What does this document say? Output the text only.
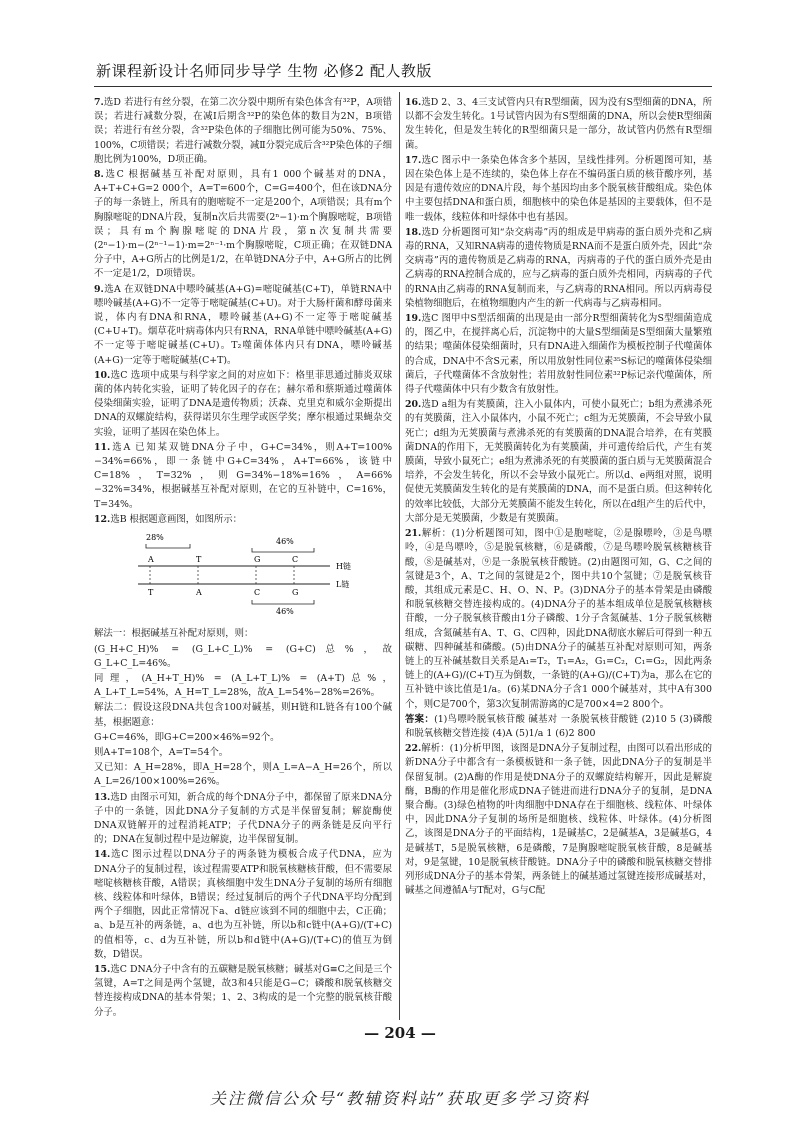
新课程新设计名师同步导学 生物 必修2 配人教版
7.选D 若进行有丝分裂，在第二次分裂中期所有染色体含有³²P，A项错误；若进行减数分裂，在减Ⅰ后期含³²P的染色体的数目为2N，B项错误；若进行有丝分裂，含³²P染色体的子细胞比例可能为50%、75%、100%，C项错误；若进行减数分裂，减Ⅱ分裂完成后含³²P染色体的子细胞比例为100%，D项正确。
8.选C 根据碱基互补配对原则，具有1 000个碱基对的DNA，A+T+C+G=2 000个，A=T=600个，C=G=400个，但在该DNA分子的每一条链上，所具有的胞嘧啶不一定是200个，A项错误；具有m个胸腺嘧啶的DNA片段，复制n次后共需要(2ⁿ−1)·m个胸腺嘧啶，B项错误；具有m个胸腺嘧啶的DNA片段，第n次复制共需要(2ⁿ−1)·m−(2ⁿ⁻¹−1)·m=2ⁿ⁻¹·m个胸腺嘧啶，C项正确；在双链DNA分子中，A+G所占的比例是1/2，在单链DNA分子中，A+G所占的比例不一定是1/2，D项错误。
9.选A 在双链DNA中嘌呤碱基(A+G)=嘧啶碱基(C+T)，单链RNA中嘌呤碱基(A+G)不一定等于嘧啶碱基(C+U)。对于大肠杆菌和酵母菌来说，体内有DNA和RNA，嘌呤碱基(A+G)不一定等于嘧啶碱基(C+U+T)。烟草花叶病毒体内只有RNA，RNA单链中嘌呤碱基(A+G)不一定等于嘧啶碱基(C+U)。T₂噬菌体体内只有DNA，嘌呤碱基(A+G)一定等于嘧啶碱基(C+T)。
10.选C 选项中成果与科学家之间的对应如下：格里菲思通过肺炎双球菌的体内转化实验，证明了转化因子的存在；赫尔希和蔡斯通过噬菌体侵染细菌实验，证明了DNA是遗传物质；沃森、克里克和威尔金斯提出DNA的双螺旋结构，获得诺贝尔生理学或医学奖；摩尔根通过果蝇杂交实验，证明了基因在染色体上。
11.选A 已知某双链DNA分子中，G+C=34%，则A+T=100%−34%=66%，即一条链中G+C=34%，A+T=66%，该链中C=18%，T=32%，则G=34%−18%=16%，A=66%−32%=34%，根据碱基互补配对原则，在它的互补链中，C=16%，T=34%。
12.选B 根据题意画图，如图所示：
28%	46%
A	T	G	C
H链
L链
T	A	C	G
46%
解法一：根据碱基互补配对原则，则：
(G_H+C_H)% = (G_L+C_L)% = (G+C)总%，故G_L+C_L=46%。
同理，(A_H+T_H)% = (A_L+T_L)% = (A+T)总%，A_L+T_L=54%，A_H=T_L=28%，故A_L=54%−28%=26%。
解法二：假设这段DNA共包含100对碱基，则H链和L链各有100个碱基，根据题意：
G+C=46%，即G+C=200×46%=92个。
则A+T=108个，A=T=54个。
又已知：A_H=28%，即A_H=28个，则A_L=A−A_H=26个，所以A_L=26/100×100%=26%。
13.选D 由图示可知，新合成的每个DNA分子中，都保留了原来DNA分子中的一条链，因此DNA分子复制的方式是半保留复制；解旋酶使DNA双链解开的过程消耗ATP；子代DNA分子的两条链是反向平行的；DNA在复制过程中是边解旋，边半保留复制。
14.选C 图示过程以DNA分子的两条链为模板合成子代DNA，应为DNA分子的复制过程，该过程需要ATP和脱氧核糖核苷酸，但不需要尿嘧啶核糖核苷酸，A错误；真核细胞中发生DNA分子复制的场所有细胞核、线粒体和叶绿体，B错误；经过复制后的两个子代DNA平均分配到两个子细胞，因此正常情况下a、d链应该到不同的细胞中去，C正确；a、b是互补的两条链，a、d也为互补链，所以b和c链中(A+G)/(T+C)的值相等，c、d为互补链，所以b和d链中(A+G)/(T+C)的值互为倒数，D错误。
15.选C DNA分子中含有的五碳糖是脱氧核糖；碱基对G≡C之间是三个氢键，A=T之间是两个氢键，故3和4只能是G−C；磷酸和脱氧核糖交替连接构成DNA的基本骨架；1、2、3构成的是一个完整的脱氧核苷酸分子。
16.选D 2、3、4三支试管内只有R型细菌，因为没有S型细菌的DNA，所以都不会发生转化。1号试管内因为有S型细菌的DNA，所以会使R型细菌发生转化，但是发生转化的R型细菌只是一部分，故试管内仍然有R型细菌。
17.选C 图示中一条染色体含多个基因，呈线性排列。分析题图可知，基因在染色体上是不连续的，染色体上存在不编码蛋白质的核苷酸序列，基因是有遗传效应的DNA片段，每个基因均由多个脱氧核苷酸组成。染色体中主要包括DNA和蛋白质，细胞核中的染色体是基因的主要载体，但不是唯一载体，线粒体和叶绿体中也有基因。
18.选D 分析题图可知“杂交病毒”丙的组成是甲病毒的蛋白质外壳和乙病毒的RNA，又知RNA病毒的遗传物质是RNA而不是蛋白质外壳，因此“杂交病毒”丙的遗传物质是乙病毒的RNA，丙病毒的子代的蛋白质外壳是由乙病毒的RNA控制合成的，应与乙病毒的蛋白质外壳相同，丙病毒的子代的RNA由乙病毒的RNA复制而来，与乙病毒的RNA相同。所以丙病毒侵染植物细胞后，在植物细胞内产生的新一代病毒与乙病毒相同。
19.选C 图甲中S型活细菌的出现是由一部分R型细菌转化为S型细菌造成的，图乙中，在搅拌离心后，沉淀物中的大量S型细菌是S型细菌大量繁殖的结果；噬菌体侵染细菌时，只有DNA进入细菌作为模板控制子代噬菌体的合成，DNA中不含S元素，所以用放射性同位素³⁵S标记的噬菌体侵染细菌后，子代噬菌体不含放射性；若用放射性同位素³²P标记亲代噬菌体，所得子代噬菌体中只有少数含有放射性。
20.选D a组为有荚膜菌，注入小鼠体内，可使小鼠死亡；b组为煮沸杀死的有荚膜菌，注入小鼠体内，小鼠不死亡；c组为无荚膜菌，不会导致小鼠死亡；d组为无荚膜菌与煮沸杀死的有荚膜菌的DNA混合培养，在有荚膜菌DNA的作用下，无荚膜菌转化为有荚膜菌，并可遗传给后代，产生有荚膜菌，导致小鼠死亡；e组为煮沸杀死的有荚膜菌的蛋白质与无荚膜菌混合培养，不会发生转化，所以不会导致小鼠死亡。所以d、e两组对照，说明促使无荚膜菌发生转化的是有荚膜菌的DNA，而不是蛋白质。但这种转化的效率比较低，大部分无荚膜菌不能发生转化，所以在d组产生的后代中，大部分是无荚膜菌，少数是有荚膜菌。
21.解析：(1)分析题图可知，图中①是胞嘧啶，②是腺嘌呤，③是鸟嘌呤，④是鸟嘌呤，⑤是脱氧核糖，⑥是磷酸，⑦是鸟嘌呤脱氧核糖核苷酸，⑧是碱基对，⑨是一条脱氧核苷酸链。(2)由题图可知，G、C之间的氢键是3个，A、T之间的氢键是2个，图中共10个氢键；⑦是脱氧核苷酸，其组成元素是C、H、O、N、P。(3)DNA分子的基本骨架是由磷酸和脱氧核糖交替连接构成的。(4)DNA分子的基本组成单位是脱氧核糖核苷酸，一分子脱氧核苷酸由1分子磷酸、1分子含氮碱基、1分子脱氧核糖组成，含氮碱基有A、T、G、C四种，因此DNA彻底水解后可得到一种五碳糖、四种碱基和磷酸。(5)由DNA分子的碱基互补配对原则可知，两条链上的互补碱基数目关系是A₁=T₂，T₁=A₂，G₁=C₂，C₁=G₂，因此两条链上的(A+G)/(C+T)互为倒数，一条链的(A+G)/(C+T)为a，那么在它的互补链中该比值是1/a。(6)某DNA分子含1 000个碱基对，其中A有300个，则C是700个，第3次复制需游离的C是700×4=2 800个。
答案：(1)鸟嘌呤脱氧核苷酸 碱基对 一条脱氧核苷酸链 (2)10 5 (3)磷酸和脱氧核糖交替连接 (4)A (5)1/a 1 (6)2 800
22.解析：(1)分析甲图，该图是DNA分子复制过程，由图可以看出形成的新DNA分子中都含有一条模板链和一条子链，因此DNA分子的复制是半保留复制。(2)A酶的作用是使DNA分子的双螺旋结构解开，因此是解旋酶，B酶的作用是催化形成DNA子链进而进行DNA分子的复制，是DNA聚合酶。(3)绿色植物的叶肉细胞中DNA存在于细胞核、线粒体、叶绿体中，因此DNA分子复制的场所是细胞核、线粒体、叶绿体。(4)分析图乙，该图是DNA分子的平面结构，1是碱基C，2是碱基A，3是碱基G，4是碱基T，5是脱氧核糖，6是磷酸，7是胸腺嘧啶脱氧核苷酸，8是碱基对，9是氢键，10是脱氧核苷酸链。DNA分子中的磷酸和脱氧核糖交替排列形成DNA分子的基本骨架，两条链上的碱基通过氢键连接形成碱基对，碱基之间遵循A与T配对，G与C配
— 204 —
关注微信公众号“教辅资料站”获取更多学习资料
